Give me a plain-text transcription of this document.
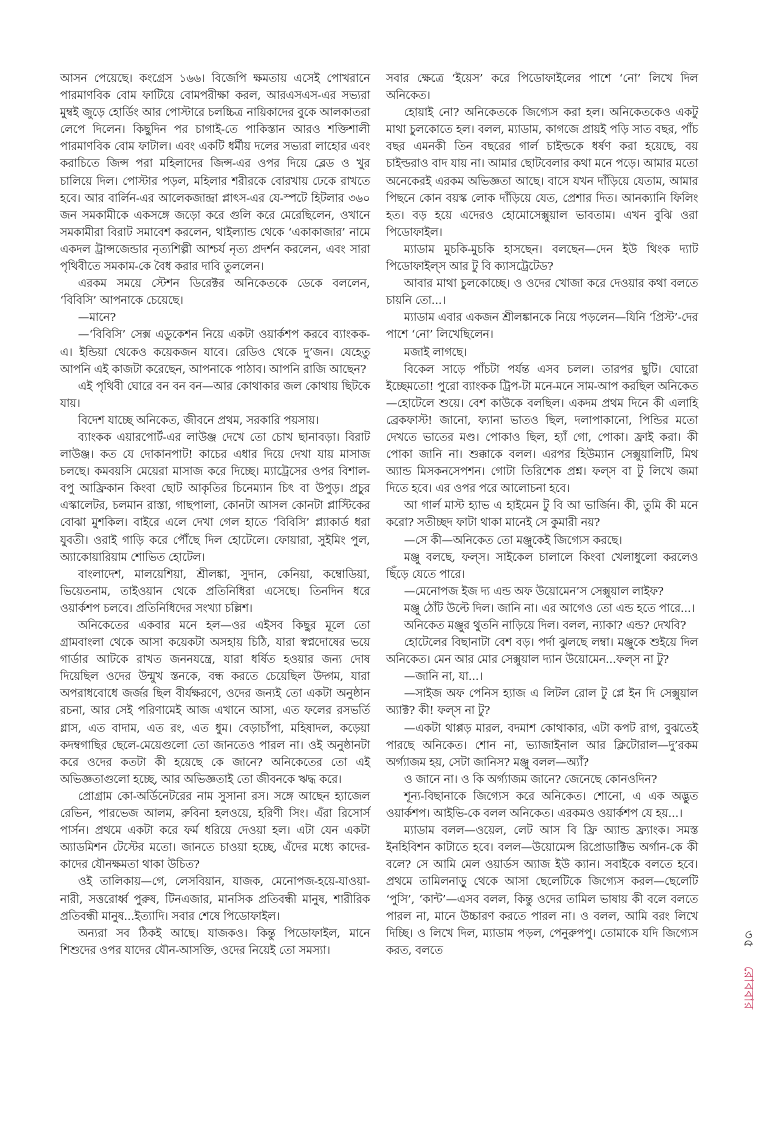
আসন পেয়েছে। কংগ্রেস ১৬৬। বিজেপি ক্ষমতায় এসেই পোখরানে পারমাণবিক বোম ফাটিয়ে বোমপরীক্ষা করল, আরএসএস-এর সভ্যরা মুম্বই জুড়ে হোর্ডিং আর পোস্টারে চলচ্চিত্র নায়িকাদের বুকে আলকাতরা লেপে দিলেন। কিছুদিন পর চাগাই-তে পাকিস্তান আরও শক্তিশালী পারমাণবিক বোম ফাটাল। এবং একটি ধর্মীয় দলের সভ্যরা লাহোর এবং করাচিতে জিন্স পরা মহিলাদের জিন্স-এর ওপর দিয়ে ব্লেড ও খুর চালিয়ে দিল। পোস্টার পড়ল, মহিলার শরীরকে বোরখায় ঢেকে রাখতে হবে। আর বার্লিন-এর আলেকজান্দ্রা প্লাৎস-এর যে-স্পটে হিটলার ৩৬০ জন সমকামীকে একসঙ্গে জড়ো করে গুলি করে মেরেছিলেন, ওখানে সমকামীরা বিরাট সমাবেশ করলেন, থাইল্যান্ড থেকে ‘একাকাজার’ নামে একদল ট্রান্সজেন্ডার নৃত্যশিল্পী আশ্চর্য নৃত্য প্রদর্শন করলেন, এবং সারা পৃথিবীতে সমকাম-কে বৈধ করার দাবি তুললেন।

এরকম সময়ে স্টেশন ডিরেক্টর অনিকেতকে ডেকে বললেন, ‘বিবিসি’ আপনাকে চেয়েছে।

—মানে?

—‘বিবিসি’ সেক্স এডুকেশন নিয়ে একটা ওয়ার্কশপ করবে ব্যাংকক-এ। ইন্ডিয়া থেকেও কয়েকজন যাবে। রেডিও থেকে দু’জন। যেহেতু আপনি এই কাজটা করেছেন, আপনাকে পাঠাব। আপনি রাজি আছেন?

এই পৃথিবী ঘোরে বন বন বন—আর কোথাকার জল কোথায় ছিটকে যায়।

বিদেশ যাচ্ছে অনিকেত, জীবনে প্রথম, সরকারি পয়সায়।

ব্যাংকক এয়ারপোর্ট-এর লাউঞ্জ দেখে তো চোখ ছানাবড়া। বিরাট লাউঞ্জ। কত যে দোকানপাট! কাচের এধার দিয়ে দেখা যায় মাসাজ চলছে। কমবয়সি মেয়েরা মাসাজ করে দিচ্ছে। ম্যাট্রেসের ওপর বিশাল-বপু আফ্রিকান কিংবা ছোট আকৃতির চিনেম্যান চিৎ বা উপুড়। প্রচুর এস্কালেটর, চলমান রাস্তা, গাছপালা, কোনটা আসল কোনটা প্লাস্টিকের বোঝা মুশকিল। বাইরে এলে দেখা গেল হাতে ‘বিবিসি’ প্ল্যাকার্ড ধরা যুবতী। ওরাই গাড়ি করে পৌঁছে দিল হোটেলে। ফোয়ারা, সুইমিং পুল, অ্যাকোয়ারিয়াম শোভিত হোটেল।

বাংলাদেশ, মালয়েশিয়া, শ্রীলঙ্কা, সুদান, কেনিয়া, কম্বোডিয়া, ভিয়েতনাম, তাইওয়ান থেকে প্রতিনিধিরা এসেছে। তিনদিন ধরে ওয়ার্কশপ চলবে। প্রতিনিধিদের সংখ্যা চল্লিশ।

অনিকেতের একবার মনে হল—ওর এইসব কিছুর মূলে তো গ্রামবাংলা থেকে আসা কয়েকটা অসহায় চিঠি, যারা স্বপ্নদোষের ভয়ে গার্ডার আটকে রাখত জননযন্ত্রে, যারা ধর্ষিত হওয়ার জন্য দোষ দিয়েছিল ওদের উন্মুখ স্তনকে, বন্ধ করতে চেয়েছিল উদ্গম, যারা অপরাধবোধে জর্জর ছিল বীর্যক্ষরণে, ওদের জন্যই তো একটা অনুষ্ঠান রচনা, আর সেই পরিণামেই আজ এখানে আসা, এত ফলের রসভর্তি গ্লাস, এত বাদাম, এত রং, এত ধুম। বেড়াচাঁপা, মহিষাদল, কড়েয়া কদম্বগাছির ছেলে-মেয়েগুলো তো জানতেও পারল না। ওই অনুষ্ঠানটা করে ওদের কতটা কী হয়েছে কে জানে? অনিকেতের তো এই অভিজ্ঞতাগুলো হচ্ছে, আর অভিজ্ঞতাই তো জীবনকে ঋদ্ধ করে।

প্রোগ্রাম কো-অর্ডিনেটরের নাম সুসানা রস। সঙ্গে আছেন হ্যাজেল রেভিন, পারভেজ আলম, রুবিনা হলওয়ে, হরিণী সিং। এঁরা রিসোর্স পার্সন। প্রথমে একটা করে ফর্ম ধরিয়ে দেওয়া হল। এটা যেন একটা অ্যাডমিশন টেস্টের মতো। জানতে চাওয়া হচ্ছে, এঁদের মধ্যে কাদের-কাদের যৌনক্ষমতা থাকা উচিত?

ওই তালিকায়—গে, লেসবিয়ান, যাজক, মেনোপজ-হয়ে-যাওয়া-নারী, সত্তরোর্ধ্ব পুরুষ, টিনএজার, মানসিক প্রতিবন্ধী মানুষ, শারীরিক প্রতিবন্ধী মানুষ...ইত্যাদি। সবার শেষে পিডোফাইল।

অন্যরা সব ঠিকই আছে। যাজকও। কিন্তু পিডোফাইল, মানে শিশুদের ওপর যাদের যৌন-আসক্তি, ওদের নিয়েই তো সমস্যা।

সবার ক্ষেত্রে ‘ইয়েস’ করে পিডোফাইলের পাশে ‘নো’ লিখে দিল অনিকেত।

হোয়াই নো? অনিকেতকে জিগ্যেস করা হল। অনিকেতকেও একটু মাথা চুলকোতে হল। বলল, ম্যাডাম, কাগজে প্রায়ই পড়ি সাত বছর, পাঁচ বছর এমনকী তিন বছরের গার্ল চাইল্ডকে ধর্ষণ করা হয়েছে, বয় চাইল্ডরাও বাদ যায় না। আমার ছোটবেলার কথা মনে পড়ে। আমার মতো অনেকেরই এরকম অভিজ্ঞতা আছে। বাসে যখন দাঁড়িয়ে যেতাম, আমার পিছনে কোন বয়স্ক লোক দাঁড়িয়ে যেত, প্রেশার দিত। আনক্যানি ফিলিং হত। বড় হয়ে এদেরও হোমোসেক্সুয়াল ভাবতাম। এখন বুঝি ওরা পিডোফাইল।

ম্যাডাম মুচকি-মুচকি হাসছেন। বলছেন—দেন ইউ থিংক দ্যাট পিডোফাইল্স আর টু বি ক্যাসট্রেটেড?

আবার মাথা চুলকোচ্ছে। ও ওদের খোজা করে দেওয়ার কথা বলতে চায়নি তো...।

ম্যাডাম এবার একজন শ্রীলঙ্কানকে নিয়ে পড়লেন—যিনি ‘প্রিস্ট’-দের পাশে ‘নো’ লিখেছিলেন।

মজাই লাগছে।

বিকেল সাড়ে পাঁচটা পর্যন্ত এসব চলল। তারপর ছুটি। ঘোরো ইচ্ছেমতো! পুরো ব্যাংকক ট্রিপ-টা মনে-মনে সাম-আপ করছিল অনিকেত—হোটেলে শুয়ে। বেশ কাউকে বলছিল। একদম প্রথম দিনে কী এলাহি ব্রেকফাস্ট! জানো, ফ্যানা ভাতও ছিল, দলাপাকানো, পিন্ডির মতো দেখতে ভাতের মণ্ড। পোকাও ছিল, হ্যাঁ গো, পোকা। ফ্রাই করা। কী পোকা জানি না। শুক্কাকে বলল। এরপর হিউম্যান সেক্সুয়ালিটি, মিথ অ্যান্ড মিসকনসেপশন। গোটা তিরিশেক প্রশ্ন। ফল্স বা টু লিখে জমা দিতে হবে। এর ওপর পরে আলোচনা হবে।

আ গার্ল মাস্ট হ্যাভ এ হাইমেন টু বি আ ভার্জিন। কী, তুমি কী মনে করো? সতীচ্ছদ ফাটা থাকা মানেই সে কুমারী নয়?

—সে কী—অনিকেত তো মঞ্জুকেই জিগ্যেস করছে।

মঞ্জু বলছে, ফল্স। সাইকেল চালালে কিংবা খেলাধুলো করলেও ছিঁড়ে যেতে পারে।

—মেনোপজ ইজ দ্য এন্ড অফ উয়োমেন’স সেক্সুয়াল লাইফ?

মঞ্জু ঠোঁট উল্টে দিল। জানি না। এর আগেও তো এন্ড হতে পারে...।

অনিকেত মঞ্জুর থুতনি নাড়িয়ে দিল। বলল, ন্যাকা? এন্ড? দেখবি?

হোটেলের বিছানাটা বেশ বড়। পর্দা ঝুলছে লম্বা। মঞ্জুকে শুইয়ে দিল অনিকেত। মেন আর মোর সেক্সুয়াল দ্যান উয়োমেন...ফল্স না টু?

—জানি না, যা...।

—সাইজ অফ পেনিস হ্যাজ এ লিটল রোল টু প্লে ইন দি সেক্সুয়াল অ্যাক্ট? কী! ফল্স না টু?

—একটা থাপ্পড় মারল, বদমাশ কোথাকার, এটা কপট রাগ, বুঝতেই পারছে অনিকেত। শোন না, ভ্যাজাইনাল আর ক্লিটোরাল—দু’রকম অর্গ্যাজম হয়, সেটা জানিস? মঞ্জু বলল—অ্যাঁ?

ও জানে না। ও কি অর্গ্যাজম জানে? জেনেছে কোনওদিন?

শূন্য-বিছানাকে জিগ্যেস করে অনিকেত। শোনো, এ এক অদ্ভুত ওয়ার্কশপ। আইভি-কে বলল অনিকেত। এরকমও ওয়ার্কশপ যে হয়...।

ম্যাডাম বলল—ওয়েল, লেট আস বি ফ্রি অ্যান্ড ফ্র্যাংক। সমস্ত ইনহিবিশন কাটাতে হবে। বলল—উয়োমেন্স রিপ্রোডাক্টিভ অর্গান-কে কী বলে? সে আমি মেল ওয়ার্ডস অ্যাজ ইউ ক্যান। সবাইকে বলতে হবে। প্রথমে তামিলনাড়ু থেকে আসা ছেলেটিকে জিগ্যেস করল—ছেলেটি ‘পুসি’, ‘কান্ট’—এসব বলল, কিন্তু ওদের তামিল ভাষায় কী বলে বলতে পারল না, মানে উচ্চারণ করতে পারল না। ও বলল, আমি বরং লিখে দিচ্ছি। ও লিখে দিল, ম্যাডাম পড়ল, পেনুরুপপু। তোমাকে যদি জিগ্যেস করত, বলতে

৩৫রোববার
